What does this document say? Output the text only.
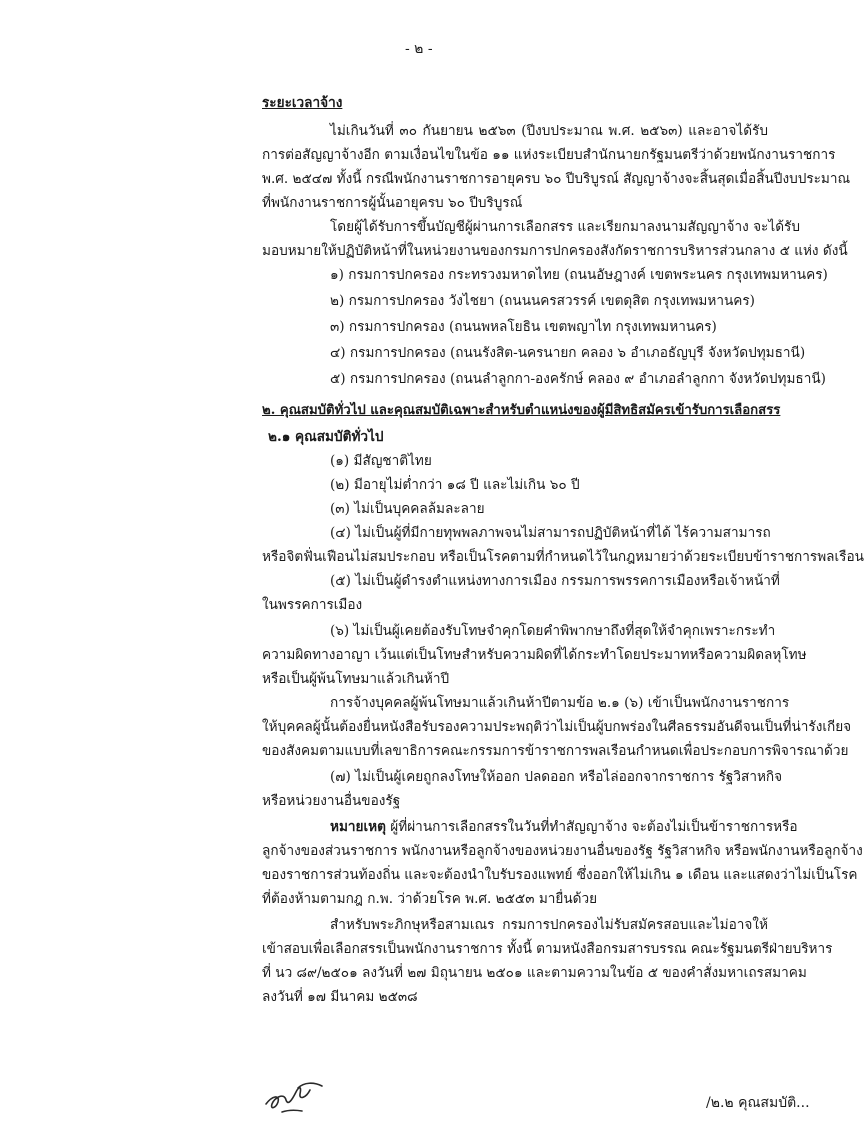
- ๒ -
ระยะเวลาจ้าง
ไม่เกินวันที่ ๓๐ กันยายน ๒๕๖๓ (ปีงบประมาณ พ.ศ. ๒๕๖๓) และอาจได้รับ
การต่อสัญญาจ้างอีก ตามเงื่อนไขในข้อ ๑๑ แห่งระเบียบสำนักนายกรัฐมนตรีว่าด้วยพนักงานราชการ
พ.ศ. ๒๕๔๗ ทั้งนี้ กรณีพนักงานราชการอายุครบ ๖๐ ปีบริบูรณ์ สัญญาจ้างจะสิ้นสุดเมื่อสิ้นปีงบประมาณ
ที่พนักงานราชการผู้นั้นอายุครบ ๖๐ ปีบริบูรณ์
โดยผู้ได้รับการขึ้นบัญชีผู้ผ่านการเลือกสรร และเรียกมาลงนามสัญญาจ้าง จะได้รับ
มอบหมายให้ปฏิบัติหน้าที่ในหน่วยงานของกรมการปกครองสังกัดราชการบริหารส่วนกลาง ๕ แห่ง ดังนี้
๑) กรมการปกครอง กระทรวงมหาดไทย (ถนนอัษฎางค์ เขตพระนคร กรุงเทพมหานคร)
๒) กรมการปกครอง วังไชยา (ถนนนครสวรรค์ เขตดุสิต กรุงเทพมหานคร)
๓) กรมการปกครอง (ถนนพหลโยธิน เขตพญาไท กรุงเทพมหานคร)
๔) กรมการปกครอง (ถนนรังสิต-นครนายก คลอง ๖ อำเภอธัญบุรี จังหวัดปทุมธานี)
๕) กรมการปกครอง (ถนนลำลูกกา-องครักษ์ คลอง ๙ อำเภอลำลูกกา จังหวัดปทุมธานี)
๒. คุณสมบัติทั่วไป และคุณสมบัติเฉพาะสำหรับตำแหน่งของผู้มีสิทธิสมัครเข้ารับการเลือกสรร
๒.๑ คุณสมบัติทั่วไป
(๑) มีสัญชาติไทย
(๒) มีอายุไม่ต่ำกว่า ๑๘ ปี และไม่เกิน ๖๐ ปี
(๓) ไม่เป็นบุคคลล้มละลาย
(๔) ไม่เป็นผู้ที่มีกายทุพพลภาพจนไม่สามารถปฏิบัติหน้าที่ได้ ไร้ความสามารถ
หรือจิตฟั่นเฟือนไม่สมประกอบ หรือเป็นโรคตามที่กำหนดไว้ในกฎหมายว่าด้วยระเบียบข้าราชการพลเรือน
(๕) ไม่เป็นผู้ดำรงตำแหน่งทางการเมือง กรรมการพรรคการเมืองหรือเจ้าหน้าที่
ในพรรคการเมือง
(๖) ไม่เป็นผู้เคยต้องรับโทษจำคุกโดยคำพิพากษาถึงที่สุดให้จำคุกเพราะกระทำ
ความผิดทางอาญา เว้นแต่เป็นโทษสำหรับความผิดที่ได้กระทำโดยประมาทหรือความผิดลหุโทษ
หรือเป็นผู้พ้นโทษมาแล้วเกินห้าปี
การจ้างบุคคลผู้พ้นโทษมาแล้วเกินห้าปีตามข้อ ๒.๑ (๖) เข้าเป็นพนักงานราชการ
ให้บุคคลผู้นั้นต้องยื่นหนังสือรับรองความประพฤติว่าไม่เป็นผู้บกพร่องในศีลธรรมอันดีจนเป็นที่น่ารังเกียจ
ของสังคมตามแบบที่เลขาธิการคณะกรรมการข้าราชการพลเรือนกำหนดเพื่อประกอบการพิจารณาด้วย
(๗) ไม่เป็นผู้เคยถูกลงโทษให้ออก ปลดออก หรือไล่ออกจากราชการ รัฐวิสาหกิจ
หรือหน่วยงานอื่นของรัฐ
หมายเหตุ ผู้ที่ผ่านการเลือกสรรในวันที่ทำสัญญาจ้าง จะต้องไม่เป็นข้าราชการหรือ
ลูกจ้างของส่วนราชการ พนักงานหรือลูกจ้างของหน่วยงานอื่นของรัฐ รัฐวิสาหกิจ หรือพนักงานหรือลูกจ้าง
ของราชการส่วนท้องถิ่น และจะต้องนำใบรับรองแพทย์ ซึ่งออกให้ไม่เกิน ๑ เดือน และแสดงว่าไม่เป็นโรค
ที่ต้องห้ามตามกฎ ก.พ. ว่าด้วยโรค พ.ศ. ๒๕๕๓ มายื่นด้วย
สำหรับพระภิกษุหรือสามเณร กรมการปกครองไม่รับสมัครสอบและไม่อาจให้
เข้าสอบเพื่อเลือกสรรเป็นพนักงานราชการ ทั้งนี้ ตามหนังสือกรมสารบรรณ คณะรัฐมนตรีฝ่ายบริหาร
ที่ นว ๘๙/๒๕๐๑ ลงวันที่ ๒๗ มิถุนายน ๒๕๐๑ และตามความในข้อ ๕ ของคำสั่งมหาเถรสมาคม
ลงวันที่ ๑๗ มีนาคม ๒๕๓๘
/๒.๒ คุณสมบัติ...
